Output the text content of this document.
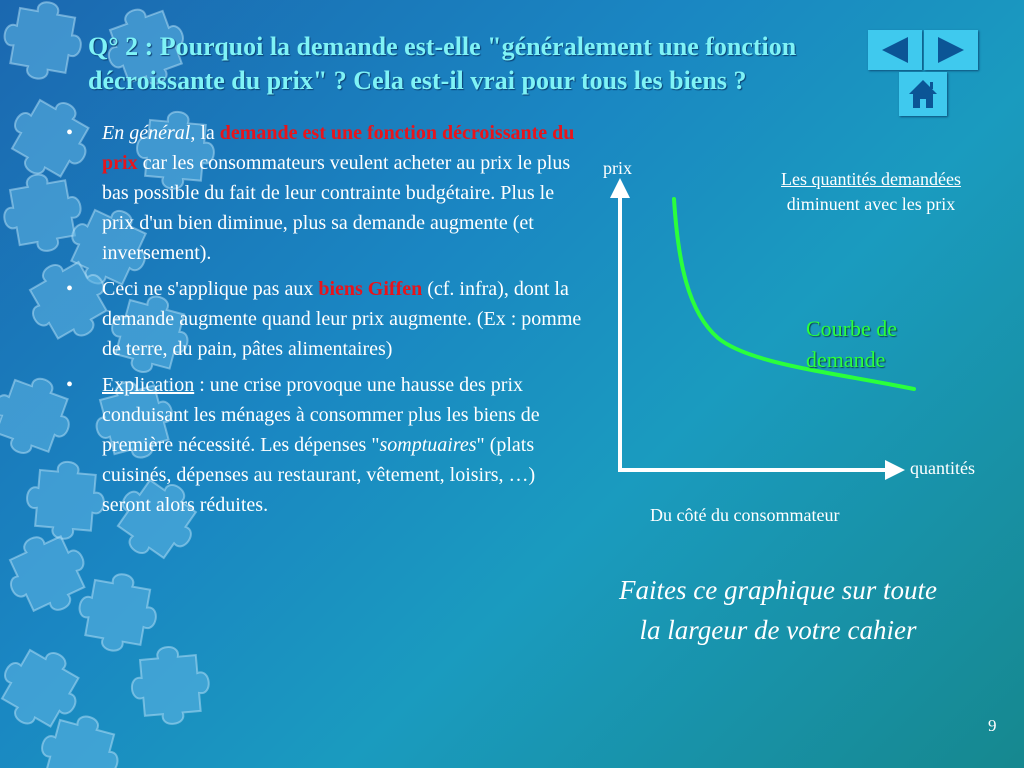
Q° 2 : Pourquoi la demande est-elle "généralement une fonction décroissante du prix" ? Cela est-il vrai pour tous les biens ?
• En général, la demande est une fonction décroissante du prix car les consommateurs veulent acheter au prix le plus bas possible du fait de leur contrainte budgétaire. Plus le prix d'un bien diminue, plus sa demande augmente (et inversement).
• Ceci ne s'applique pas aux biens Giffen (cf. infra), dont la demande augmente quand leur prix augmente. (Ex : pomme de terre, du pain, pâtes alimentaires)
• Explication : une crise provoque une hausse des prix conduisant les ménages à consommer plus les biens de première nécessité. Les dépenses "somptuaires" (plats cuisinés, dépenses au restaurant, vêtement, loisirs, …) seront alors réduites.
prix
quantités
Les quantités demandées diminuent avec les prix
Courbe de demande
Du côté du consommateur
Faites ce graphique sur toute la largeur de votre cahier
9
